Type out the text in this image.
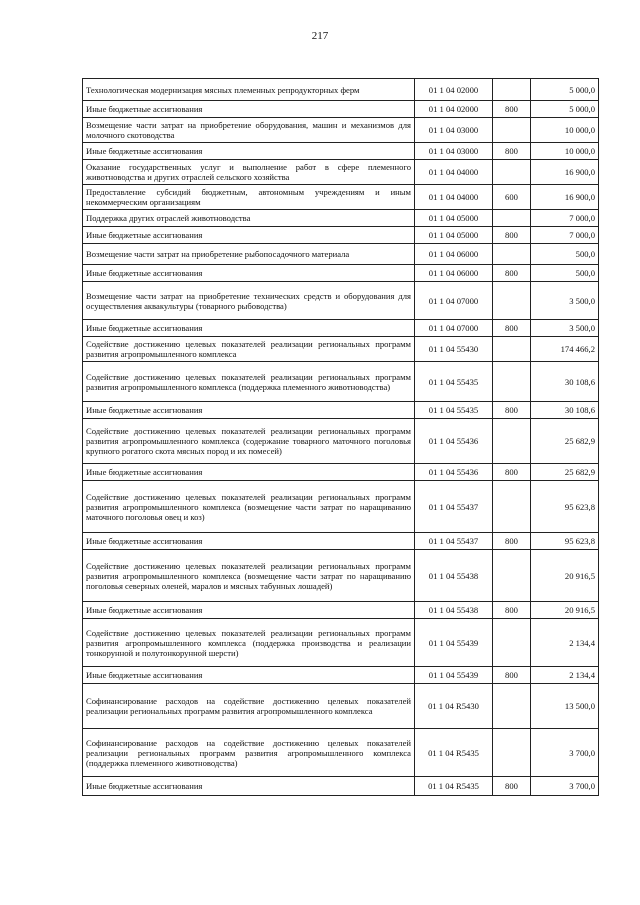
217
Технологическая модернизация мясных племенных репродукторных ферм	01 1 04 02000		5 000,0
Иные бюджетные ассигнования	01 1 04 02000	800	5 000,0
Возмещение части затрат на приобретение оборудования, машин и механизмов для молочного скотоводства	01 1 04 03000		10 000,0
Иные бюджетные ассигнования	01 1 04 03000	800	10 000,0
Оказание государственных услуг и выполнение работ в сфере племенного животноводства и других отраслей сельского хозяйства	01 1 04 04000		16 900,0
Предоставление субсидий бюджетным, автономным учреждениям и иным некоммерческим организациям	01 1 04 04000	600	16 900,0
Поддержка других отраслей животноводства	01 1 04 05000		7 000,0
Иные бюджетные ассигнования	01 1 04 05000	800	7 000,0
Возмещение части затрат на приобретение рыбопосадочного материала	01 1 04 06000		500,0
Иные бюджетные ассигнования	01 1 04 06000	800	500,0
Возмещение части затрат на приобретение технических средств и оборудования для осуществления аквакультуры (товарного рыбоводства)	01 1 04 07000		3 500,0
Иные бюджетные ассигнования	01 1 04 07000	800	3 500,0
Содействие достижению целевых показателей реализации региональных программ развития агропромышленного комплекса	01 1 04 55430		174 466,2
Содействие достижению целевых показателей реализации региональных программ развития агропромышленного комплекса (поддержка племенного животноводства)	01 1 04 55435		30 108,6
Иные бюджетные ассигнования	01 1 04 55435	800	30 108,6
Содействие достижению целевых показателей реализации региональных программ развития агропромышленного комплекса (содержание товарного маточного поголовья крупного рогатого скота мясных пород и их помесей)	01 1 04 55436		25 682,9
Иные бюджетные ассигнования	01 1 04 55436	800	25 682,9
Содействие достижению целевых показателей реализации региональных программ развития агропромышленного комплекса (возмещение части затрат по наращиванию маточного поголовья овец и коз)	01 1 04 55437		95 623,8
Иные бюджетные ассигнования	01 1 04 55437	800	95 623,8
Содействие достижению целевых показателей реализации региональных программ развития агропромышленного комплекса (возмещение части затрат по наращиванию поголовья северных оленей, маралов и мясных табунных лошадей)	01 1 04 55438		20 916,5
Иные бюджетные ассигнования	01 1 04 55438	800	20 916,5
Содействие достижению целевых показателей реализации региональных программ развития агропромышленного комплекса (поддержка производства и реализации тонкорунной и полутонкорунной шерсти)	01 1 04 55439		2 134,4
Иные бюджетные ассигнования	01 1 04 55439	800	2 134,4
Софинансирование расходов на содействие достижению целевых показателей реализации региональных программ развития агропромышленного комплекса	01 1 04 R5430		13 500,0
Софинансирование расходов на содействие достижению целевых показателей реализации региональных программ развития агропромышленного комплекса (поддержка племенного животноводства)	01 1 04 R5435		3 700,0
Иные бюджетные ассигнования	01 1 04 R5435	800	3 700,0
